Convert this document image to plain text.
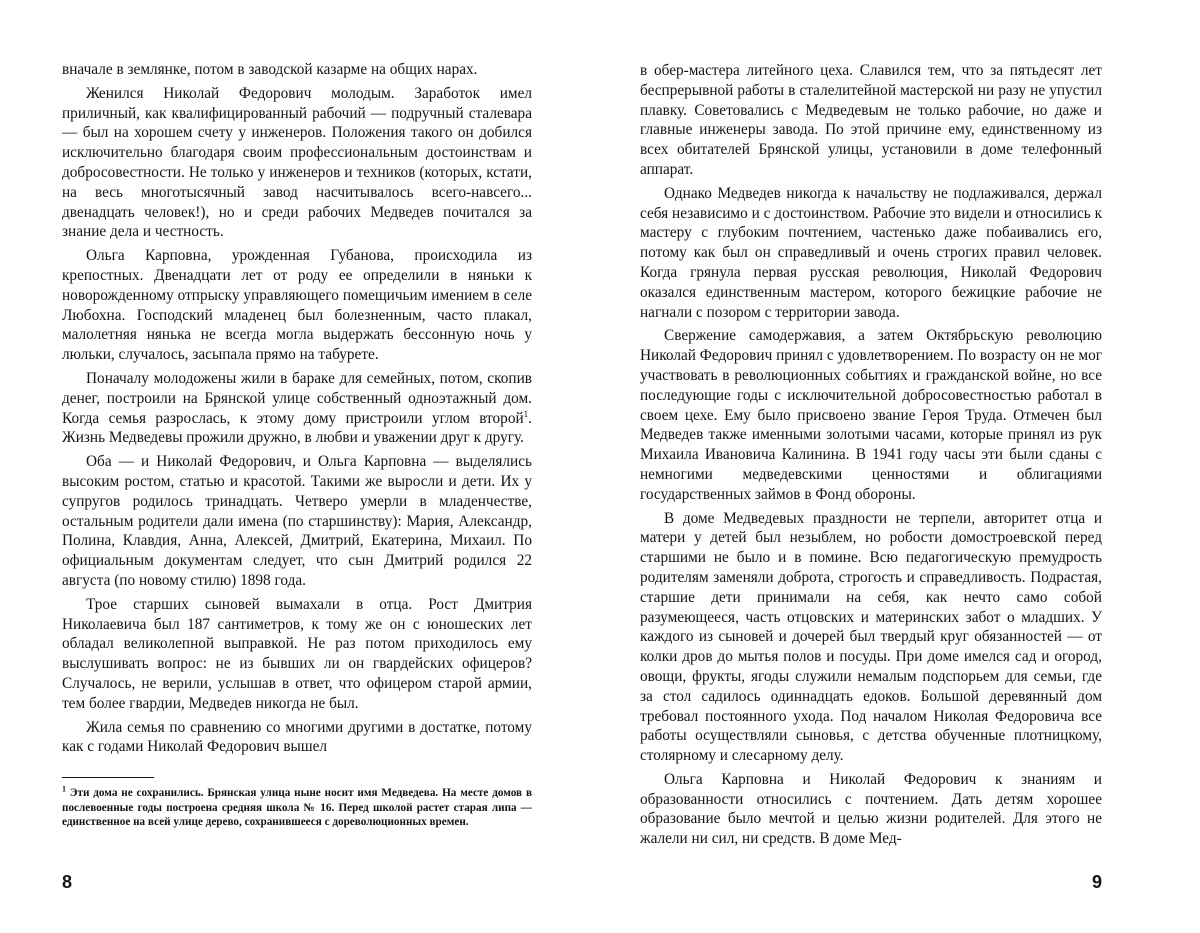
вначале в землянке, потом в заводской казарме на общих нарах.

Женился Николай Федорович молодым. Заработок имел приличный, как квалифицированный рабочий — подручный сталевара — был на хорошем счету у инженеров. Положения такого он добился исключительно благодаря своим профессиональным достоинствам и добросовестности. Не только у инженеров и техников (которых, кстати, на весь многотысячный завод насчитывалось всего-навсего... двенадцать человек!), но и среди рабочих Медведев почитался за знание дела и честность.

Ольга Карповна, урожденная Губанова, происходила из крепостных. Двенадцати лет от роду ее определили в няньки к новорожденному отпрыску управляющего помещичьим имением в селе Любохна. Господский младенец был болезненным, часто плакал, малолетняя нянька не всегда могла выдержать бессонную ночь у люльки, случалось, засыпала прямо на табурете.

Поначалу молодожены жили в бараке для семейных, потом, скопив денег, построили на Брянской улице собственный одноэтажный дом. Когда семья разрослась, к этому дому пристроили углом второй$^1$. Жизнь Медведевы прожили дружно, в любви и уважении друг к другу.

Оба — и Николай Федорович, и Ольга Карповна — выделялись высоким ростом, статью и красотой. Такими же выросли и дети. Их у супругов родилось тринадцать. Четверо умерли в младенчестве, остальным родители дали имена (по старшинству): Мария, Александр, Полина, Клавдия, Анна, Алексей, Дмитрий, Екатерина, Михаил. По официальным документам следует, что сын Дмитрий родился 22 августа (по новому стилю) 1898 года.

Трое старших сыновей вымахали в отца. Рост Дмитрия Николаевича был 187 сантиметров, к тому же он с юношеских лет обладал великолепной выправкой. Не раз потом приходилось ему выслушивать вопрос: не из бывших ли он гвардейских офицеров? Случалось, не верили, услышав в ответ, что офицером старой армии, тем более гвардии, Медведев никогда не был.

Жила семья по сравнению со многими другими в достатке, потому как с годами Николай Федорович вышел

$^1$ Эти дома не сохранились. Брянская улица ныне носит имя Медведева. На месте домов в послевоенные годы построена средняя школа № 16. Перед школой растет старая липа — единственное на всей улице дерево, сохранившееся с дореволюционных времен.
8

в обер-мастера литейного цеха. Славился тем, что за пятьдесят лет беспрерывной работы в сталелитейной мастерской ни разу не упустил плавку. Советовались с Медведевым не только рабочие, но даже и главные инженеры завода. По этой причине ему, единственному из всех обитателей Брянской улицы, установили в доме телефонный аппарат.

Однако Медведев никогда к начальству не подлаживался, держал себя независимо и с достоинством. Рабочие это видели и относились к мастеру с глубоким почтением, частенько даже побаивались его, потому как был он справедливый и очень строгих правил человек. Когда грянула первая русская революция, Николай Федорович оказался единственным мастером, которого бежицкие рабочие не нагнали с позором с территории завода.

Свержение самодержавия, а затем Октябрьскую революцию Николай Федорович принял с удовлетворением. По возрасту он не мог участвовать в революционных событиях и гражданской войне, но все последующие годы с исключительной добросовестностью работал в своем цехе. Ему было присвоено звание Героя Труда. Отмечен был Медведев также именными золотыми часами, которые принял из рук Михаила Ивановича Калинина. В 1941 году часы эти были сданы с немногими медведевскими ценностями и облигациями государственных займов в Фонд обороны.

В доме Медведевых праздности не терпели, авторитет отца и матери у детей был незыблем, но робости домостроевской перед старшими не было и в помине. Всю педагогическую премудрость родителям заменяли доброта, строгость и справедливость. Подрастая, старшие дети принимали на себя, как нечто само собой разумеющееся, часть отцовских и материнских забот о младших. У каждого из сыновей и дочерей был твердый круг обязанностей — от колки дров до мытья полов и посуды. При доме имелся сад и огород, овощи, фрукты, ягоды служили немалым подспорьем для семьи, где за стол садилось одиннадцать едоков. Большой деревянный дом требовал постоянного ухода. Под началом Николая Федоровича все работы осуществляли сыновья, с детства обученные плотницкому, столярному и слесарному делу.

Ольга Карповна и Николай Федорович к знаниям и образованности относились с почтением. Дать детям хорошее образование было мечтой и целью жизни родителей. Для этого не жалели ни сил, ни средств. В доме Мед-

9
